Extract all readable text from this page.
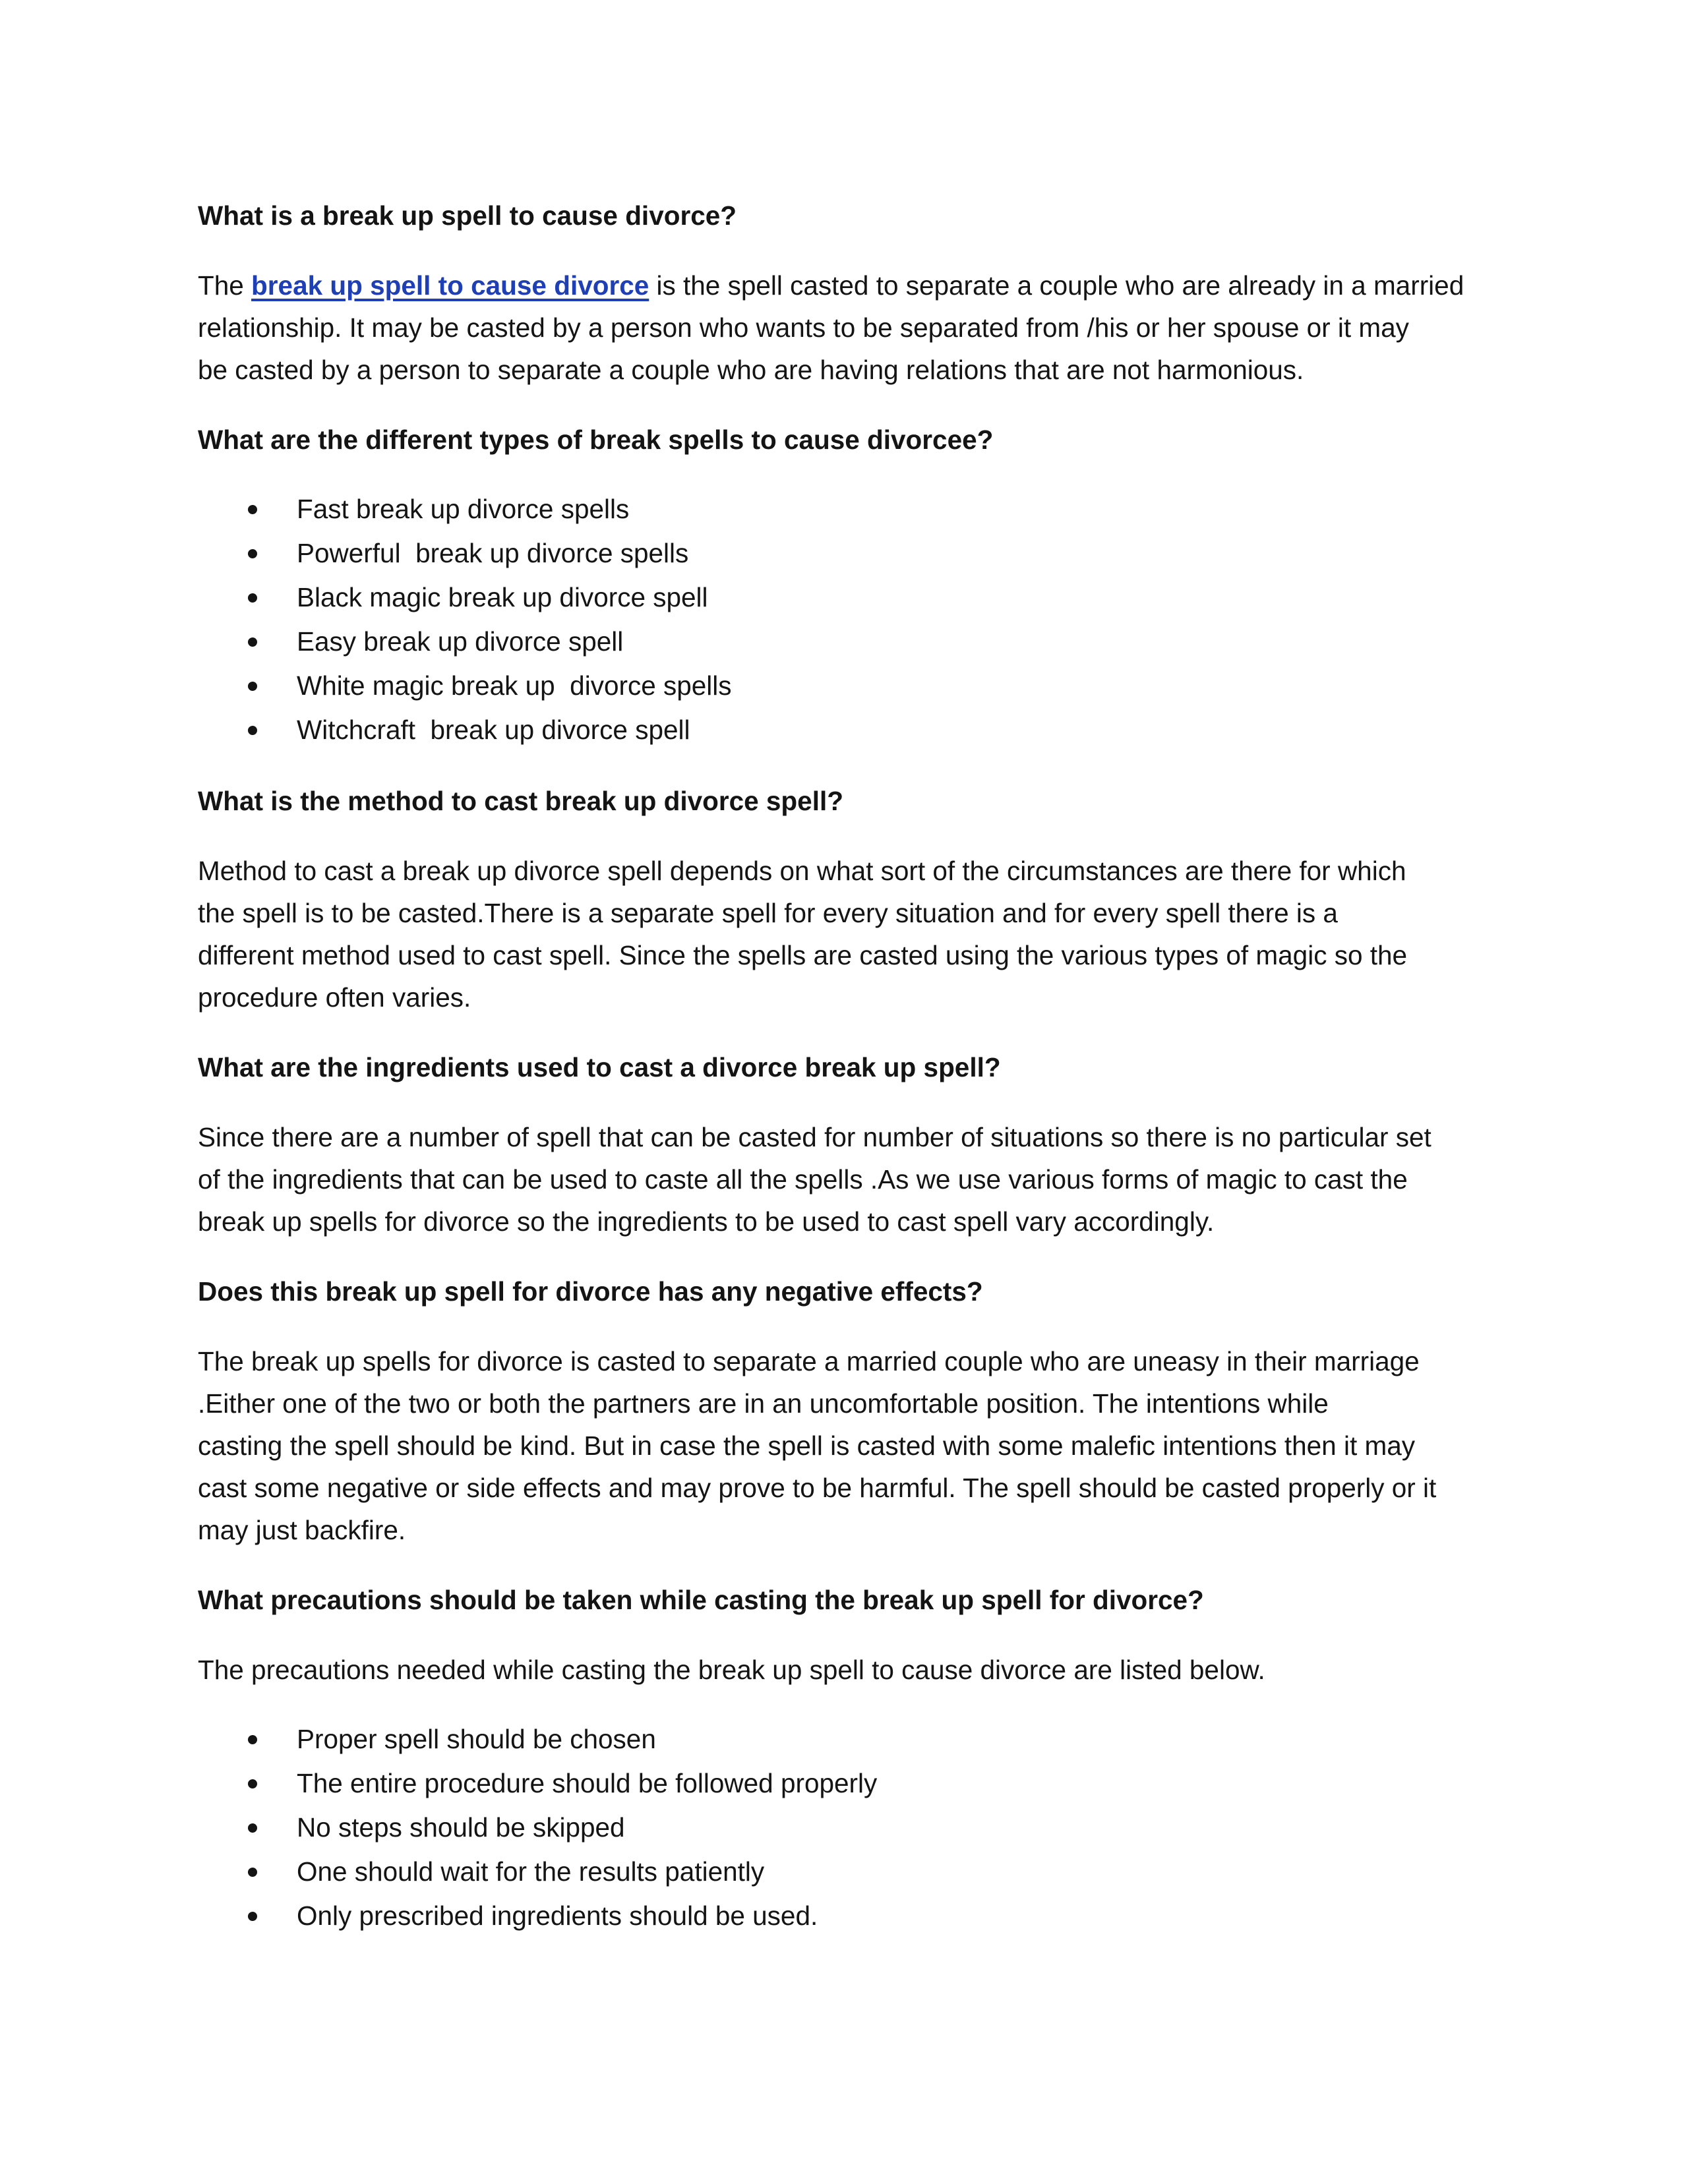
What is a break up spell to cause divorce?

The break up spell to cause divorce is the spell casted to separate a couple who are already in a married
relationship. It may be casted by a person who wants to be separated from /his or her spouse or it may
be casted by a person to separate a couple who are having relations that are not harmonious.

What are the different types of break spells to cause divorcee?
Fast break up divorce spells
Powerful  break up divorce spells
Black magic break up divorce spell
Easy break up divorce spell
White magic break up  divorce spells
Witchcraft  break up divorce spell
What is the method to cast break up divorce spell?

Method to cast a break up divorce spell depends on what sort of the circumstances are there for which
the spell is to be casted.There is a separate spell for every situation and for every spell there is a
different method used to cast spell. Since the spells are casted using the various types of magic so the
procedure often varies.

What are the ingredients used to cast a divorce break up spell?

Since there are a number of spell that can be casted for number of situations so there is no particular set
of the ingredients that can be used to caste all the spells .As we use various forms of magic to cast the
break up spells for divorce so the ingredients to be used to cast spell vary accordingly.

Does this break up spell for divorce has any negative effects?

The break up spells for divorce is casted to separate a married couple who are uneasy in their marriage
.Either one of the two or both the partners are in an uncomfortable position. The intentions while
casting the spell should be kind. But in case the spell is casted with some malefic intentions then it may
cast some negative or side effects and may prove to be harmful. The spell should be casted properly or it
may just backfire.

What precautions should be taken while casting the break up spell for divorce?

The precautions needed while casting the break up spell to cause divorce are listed below.

Proper spell should be chosen
The entire procedure should be followed properly
No steps should be skipped
One should wait for the results patiently
Only prescribed ingredients should be used.
